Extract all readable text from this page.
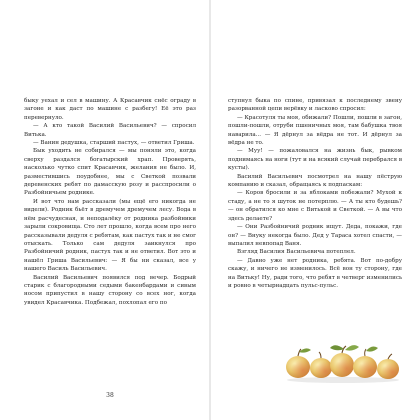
быку уехал и сел в машину. А Красавчик снёс ограду в загоне и как даст по машине с разбегу! Её это раз перевернуло.

— А кто такой Василий Васильевич? — спросил Витька.

— Ванин дедушка, старший пастух, — ответил Гриша.

Бык уходить не собирался — мы поняли это, когда сверху раздался богатырский храп. Проверять, насколько чутко спит Красавчик, желания не было. И, разместившись поудобнее, мы с Светкой позвали деревенских ребят по дамасскую розу и расспросили о Разбойничьем роднике.

И вот что нам рассказали (мы ещё его никогда не видели). Родник бьёт в дремучем дремучем лесу. Вода в нём расчудесная, и неподалёку от родника разбойники зарыли сокровища. Сто лет прошло, когда всем про него рассказывали дедуля с ребятам, как пастух так и не смог отыскать. Только сам дедуля заикнулся про Разбойничий родник, пастух так и не ответил. Вот это и нашёл Гриша Васильевич: — Я бы ни сказал, все у нашего Василь Васильевич.

Василий Васильевич появился под вечер. Бодрый старик с благородными седыми бакенбардами и сивым носом припустил в нашу сторону со всех ног, когда увидел Красавчика. Подбежал, похлопал его по

38

ступнул быка по спине, привязал к последнему звену разорванной цепи верёвку и ласково спросил:

— Красотуля ты моя, обижали? Пошли, пошли в загон, пошли-пошли, отруби пшеничных моя, там бабушка твоя наварила... — Я дёрнул за вёдра не тот. И дёрнул за вёдра не то.

— Муу! — пожаловался на жизнь бык, рывком поднимаясь на ноги (тут и на всякий случай перебрался в кусты).

Василий Васильевич посмотрел на нашу пёструю компанию и сказал, обращаясь к подпаскам:

— Коров бросили и за яблоками побежали? Мухой к стаду, а не то я шуток не потерплю. — А ты кто будешь? — он обратился ко мне с Витькой и Светкой. — А вы что здесь делаете?

— Они Разбойничий родник ищут. Деда, покажи, где он? — Внуку некогда было. Дед у Тараса хотел спасти, — выпалил невпопад Ваня.

Взгляд Василия Васильевича потеплел.

— Давно уже нет родника, ребята. Вот по-добру скажу, и ничего не изменилось. Всё вон ту сторону, где на Витьку! Ну, ради того, что ребят в четверг изменились и ровно в четырнадцать пульс-пульс.
